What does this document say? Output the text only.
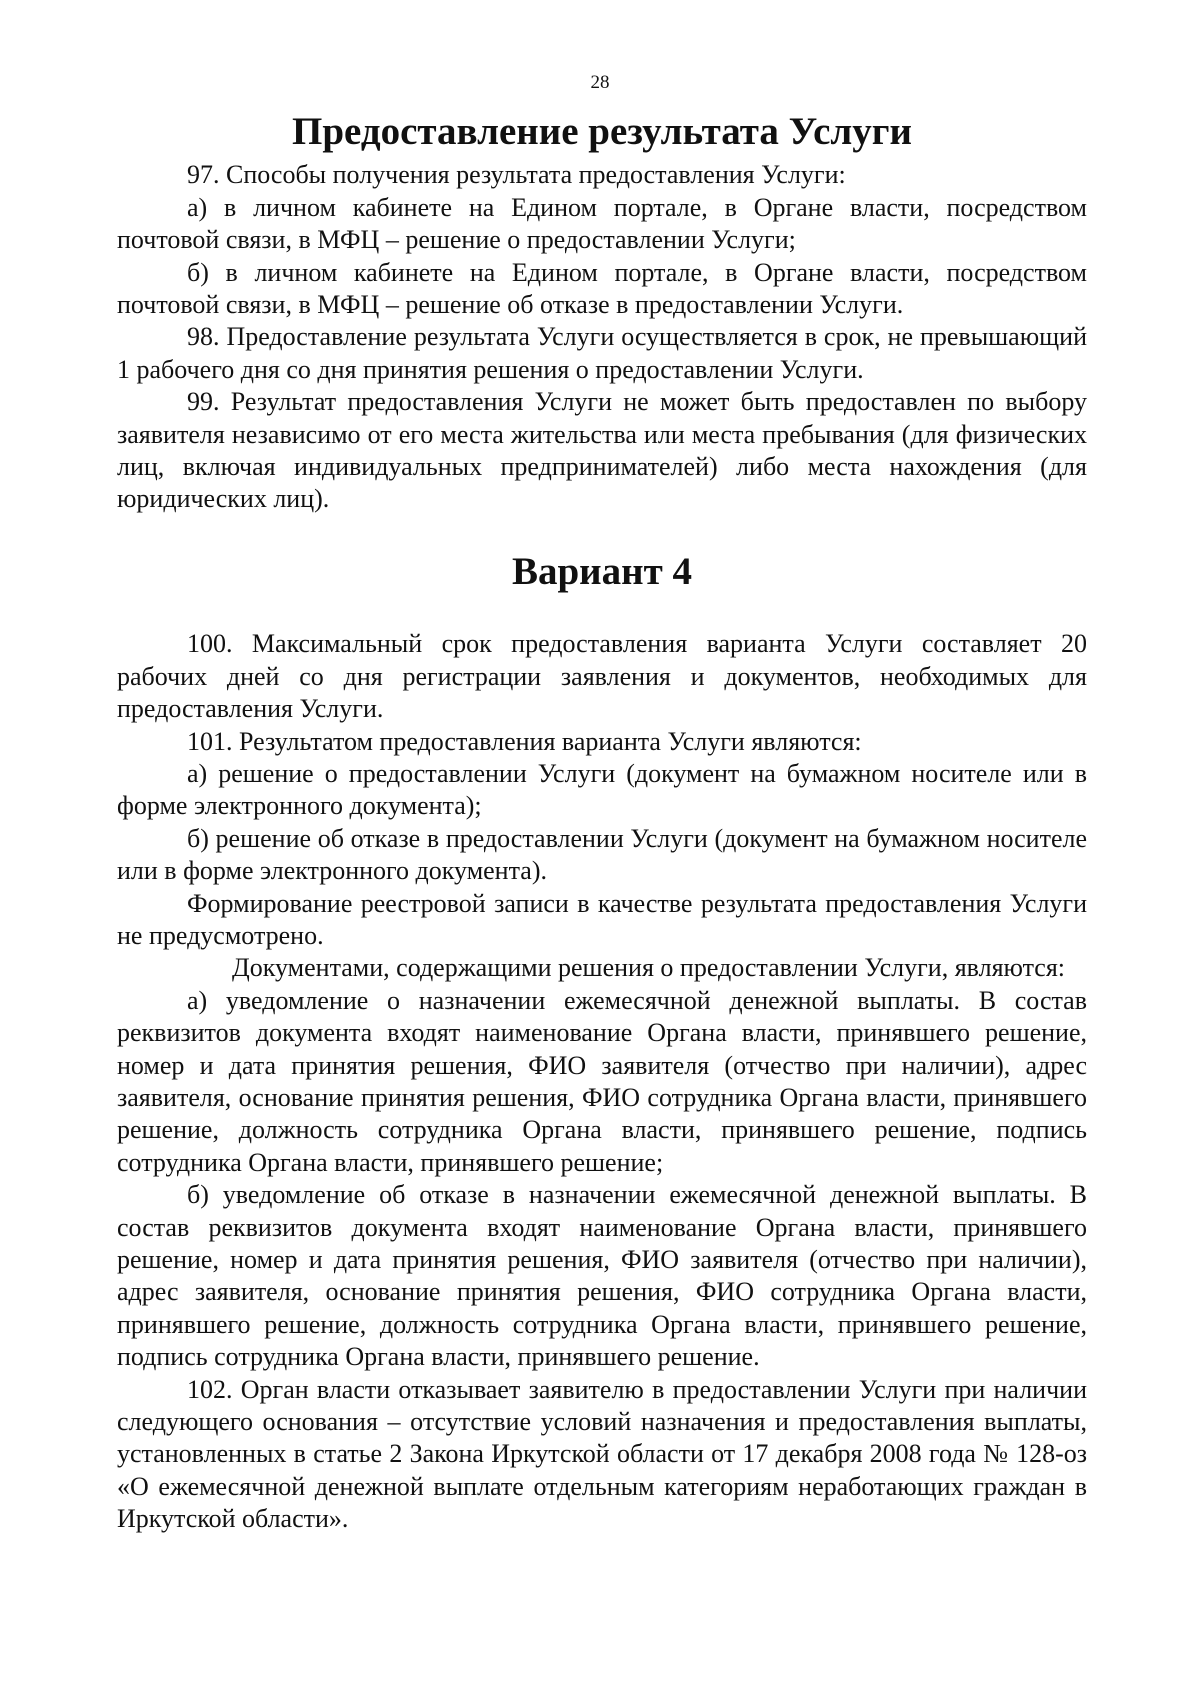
28
Предоставление результата Услуги

97. Способы получения результата предоставления Услуги:

а) в личном кабинете на Едином портале, в Органе власти, посредством почтовой связи, в МФЦ – решение о предоставлении Услуги;

б) в личном кабинете на Едином портале, в Органе власти, посредством почтовой связи, в МФЦ – решение об отказе в предоставлении Услуги.

98. Предоставление результата Услуги осуществляется в срок, не превышающий 1 рабочего дня со дня принятия решения о предоставлении Услуги.

99. Результат предоставления Услуги не может быть предоставлен по выбору заявителя независимо от его места жительства или места пребывания (для физических лиц, включая индивидуальных предпринимателей) либо места нахождения (для юридических лиц).

Вариант 4

100. Максимальный срок предоставления варианта Услуги составляет 20 рабочих дней со дня регистрации заявления и документов, необходимых для предоставления Услуги.

101. Результатом предоставления варианта Услуги являются:

а) решение о предоставлении Услуги (документ на бумажном носителе или в форме электронного документа);

б) решение об отказе в предоставлении Услуги (документ на бумажном носителе или в форме электронного документа).

Формирование реестровой записи в качестве результата предоставления Услуги не предусмотрено.

Документами, содержащими решения о предоставлении Услуги, являются:

а) уведомление о назначении ежемесячной денежной выплаты. В состав реквизитов документа входят наименование Органа власти, принявшего решение, номер и дата принятия решения, ФИО заявителя (отчество при наличии), адрес заявителя, основание принятия решения, ФИО сотрудника Органа власти, принявшего решение, должность сотрудника Органа власти, принявшего решение, подпись сотрудника Органа власти, принявшего решение;

б) уведомление об отказе в назначении ежемесячной денежной выплаты. В состав реквизитов документа входят наименование Органа власти, принявшего решение, номер и дата принятия решения, ФИО заявителя (отчество при наличии), адрес заявителя, основание принятия решения, ФИО сотрудника Органа власти, принявшего решение, должность сотрудника Органа власти, принявшего решение, подпись сотрудника Органа власти, принявшего решение.

102. Орган власти отказывает заявителю в предоставлении Услуги при наличии следующего основания – отсутствие условий назначения и предоставления выплаты, установленных в статье 2 Закона Иркутской области от 17 декабря 2008 года № 128-оз «О ежемесячной денежной выплате отдельным категориям неработающих граждан в Иркутской области».
